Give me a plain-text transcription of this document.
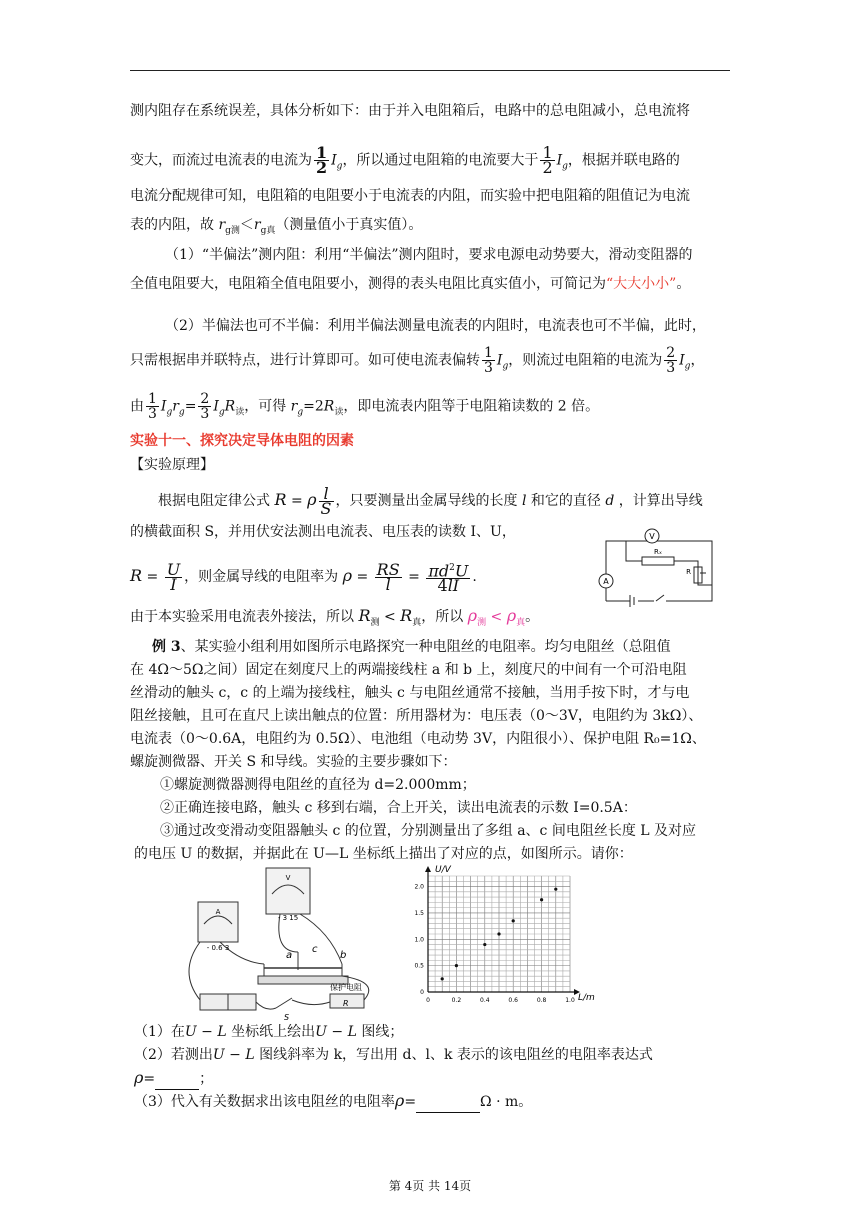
测内阻存在系统误差，具体分析如下：由于并入电阻箱后，电路中的总电阻减小，总电流将
变大，而流过电流表的电流为 $\frac{1}{2} I_g$，所以通过电阻箱的电流要大于 $\frac{1}{2} I_g$，根据并联电路的
电流分配规律可知，电阻箱的电阻要小于电流表的内阻，而实验中把电阻箱的阻值记为电流
表的内阻，故 $r_{g测}<r_{g真}$（测量值小于真实值）。
（1）“半偏法”测内阻：利用“半偏法”测内阻时，要求电源电动势要大，滑动变阻器的
全值电阻要大，电阻箱全值电阻要小，测得的表头电阻比真实值小，可简记为“大大小小”。
（2）半偏法也可不半偏：利用半偏法测量电流表的内阻时，电流表也可不半偏，此时，
只需根据串并联特点，进行计算即可。如可使电流表偏转 $\frac{1}{3} I_g$，则流过电阻箱的电流为 $\frac{2}{3} I_g$，
由 $\frac{1}{3} I_gr_g= \frac{2}{3} I_gR_读$，可得 $r_g=2R_读$，即电流表内阻等于电阻箱读数的 2 倍。
实验十一、探究决定导体电阻的因素
【实验原理】
根据电阻定律公式 R = ρ $\frac{l}{S}$ ，只要测量出金属导线的长度 l 和它的直径 d ，计算出导线
的横截面积 S，并用伏安法测出电流表、电压表的读数 I、U，
$R = \frac{U}{I}$ ，则金属导线的电阻率为 $\rho = \frac{RS}{l} = \frac{\pi d^2U}{4lI}$ .
由于本实验采用电流表外接法，所以 $R_测 < R_真$，所以 $\rho_测 < \rho_真$。
V
A
Rₓ
R
例 3、某实验小组利用如图所示电路探究一种电阻丝的电阻率。均匀电阻丝（总阻值
在 4Ω～5Ω之间）固定在刻度尺上的两端接线柱 a 和 b 上，刻度尺的中间有一个可沿电阻
丝滑动的触头 c，c 的上端为接线柱，触头 c 与电阻丝通常不接触，当用手按下时，才与电
阻丝接触，且可在直尺上读出触点的位置：所用器材为：电压表（0～3V，电阻约为 3kΩ）、
电流表（0～0.6A，电阻约为 0.5Ω）、电池组（电动势 3V，内阻很小）、保护电阻 R₀=1Ω、
螺旋测微器、开关 S 和导线。实验的主要步骤如下：
①螺旋测微器测得电阻丝的直径为 d=2.000mm；
②正确连接电路，触头 c 移到右端，合上开关，读出电流表的示数 I=0.5A：
③通过改变滑动变阻器触头 c 的位置，分别测量出了多组 a、c 间电阻丝长度 L 及对应
的电压 U 的数据，并据此在 U—L 坐标纸上描出了对应的点，如图所示。请你：
- 0.6 3
A
- 3 15
V
a
c
b
保护电阻
S
R	0	0.2	0.4	0.6	0.8	1.0
0
0.5
1.0
1.5
2.0
U/V
L/m
（1）在U − L 坐标纸上绘出U − L 图线；
（2）若测出U − L 图线斜率为 k，写出用 d、l、k 表示的该电阻丝的电阻率表达式
ρ=	；
（3）代入有关数据求出该电阻丝的电阻率ρ=	Ω · m。
第 4页 共 14页
